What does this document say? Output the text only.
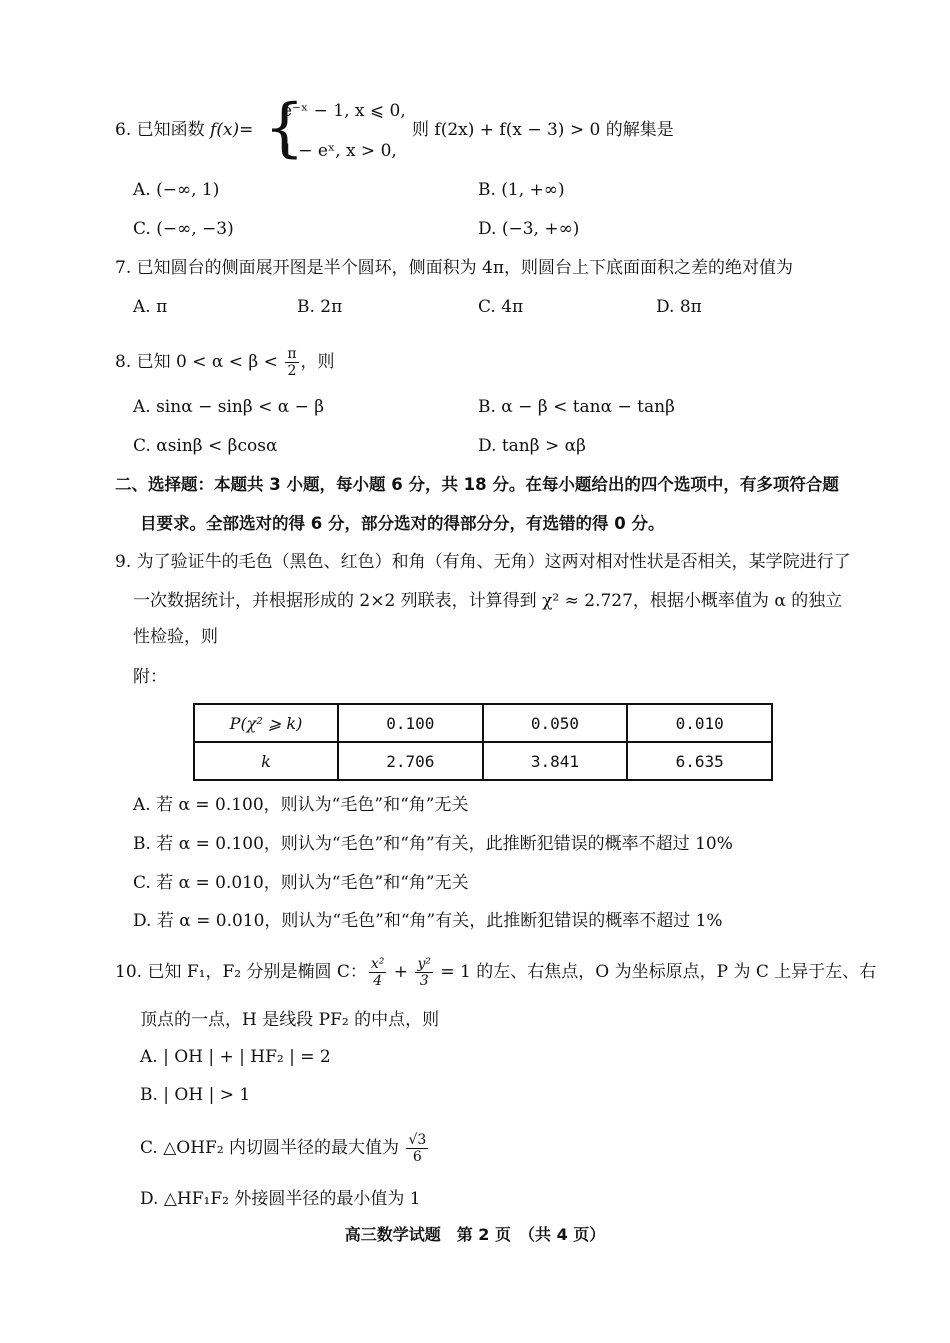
6. 已知函数 f(x)= {
e⁻ˣ − 1, x ⩽ 0,
1 − eˣ, x > 0,
则 f(2x) + f(x − 3) > 0 的解集是
A. (−∞, 1)	B. (1, +∞)
C. (−∞, −3)	D. (−3, +∞)
7. 已知圆台的侧面展开图是半个圆环，侧面积为 4π，则圆台上下底面面积之差的绝对值为
A. π	B. 2π	C. 4π	D. 8π
8. 已知 $0 < \alpha < \beta < \frac{\pi}{2}$ ，则
A. sinα − sinβ < α − β	B. α − β < tanα − tanβ
C. αsinβ < βcosα	D. tanβ > αβ
二、选择题：本题共 3 小题，每小题 6 分，共 18 分。在每小题给出的四个选项中，有多项符合题
目要求。全部选对的得 6 分，部分选对的得部分分，有选错的得 0 分。
9. 为了验证牛的毛色（黑色、红色）和角（有角、无角）这两对相对性状是否相关，某学院进行了
一次数据统计，并根据形成的 2×2 列联表，计算得到 χ² ≈ 2.727，根据小概率值为 α 的独立
性检验，则
附：
P(χ² ⩾ k)	0.100	0.050	0.010
k	2.706	3.841	6.635
A. 若 α = 0.100，则认为“毛色”和“角”无关
B. 若 α = 0.100，则认为“毛色”和“角”有关，此推断犯错误的概率不超过 10%
C. 若 α = 0.010，则认为“毛色”和“角”无关
D. 若 α = 0.010，则认为“毛色”和“角”有关，此推断犯错误的概率不超过 1%
10. 已知 F₁，F₂ 分别是椭圆 C： $\frac{\text{x²}}{4} + \frac{\text{y²}}{3} = 1$ 的左、右焦点，O 为坐标原点，P 为 C 上异于左、右
顶点的一点，H 是线段 PF₂ 的中点，则
A. | OH | + | HF₂ | = 2
B. | OH | > 1
C. △OHF₂ 内切圆半径的最大值为 $\frac{√3}{6}$
D. △HF₁F₂ 外接圆半径的最小值为 1
高三数学试题　第 2 页　（共 4 页）
